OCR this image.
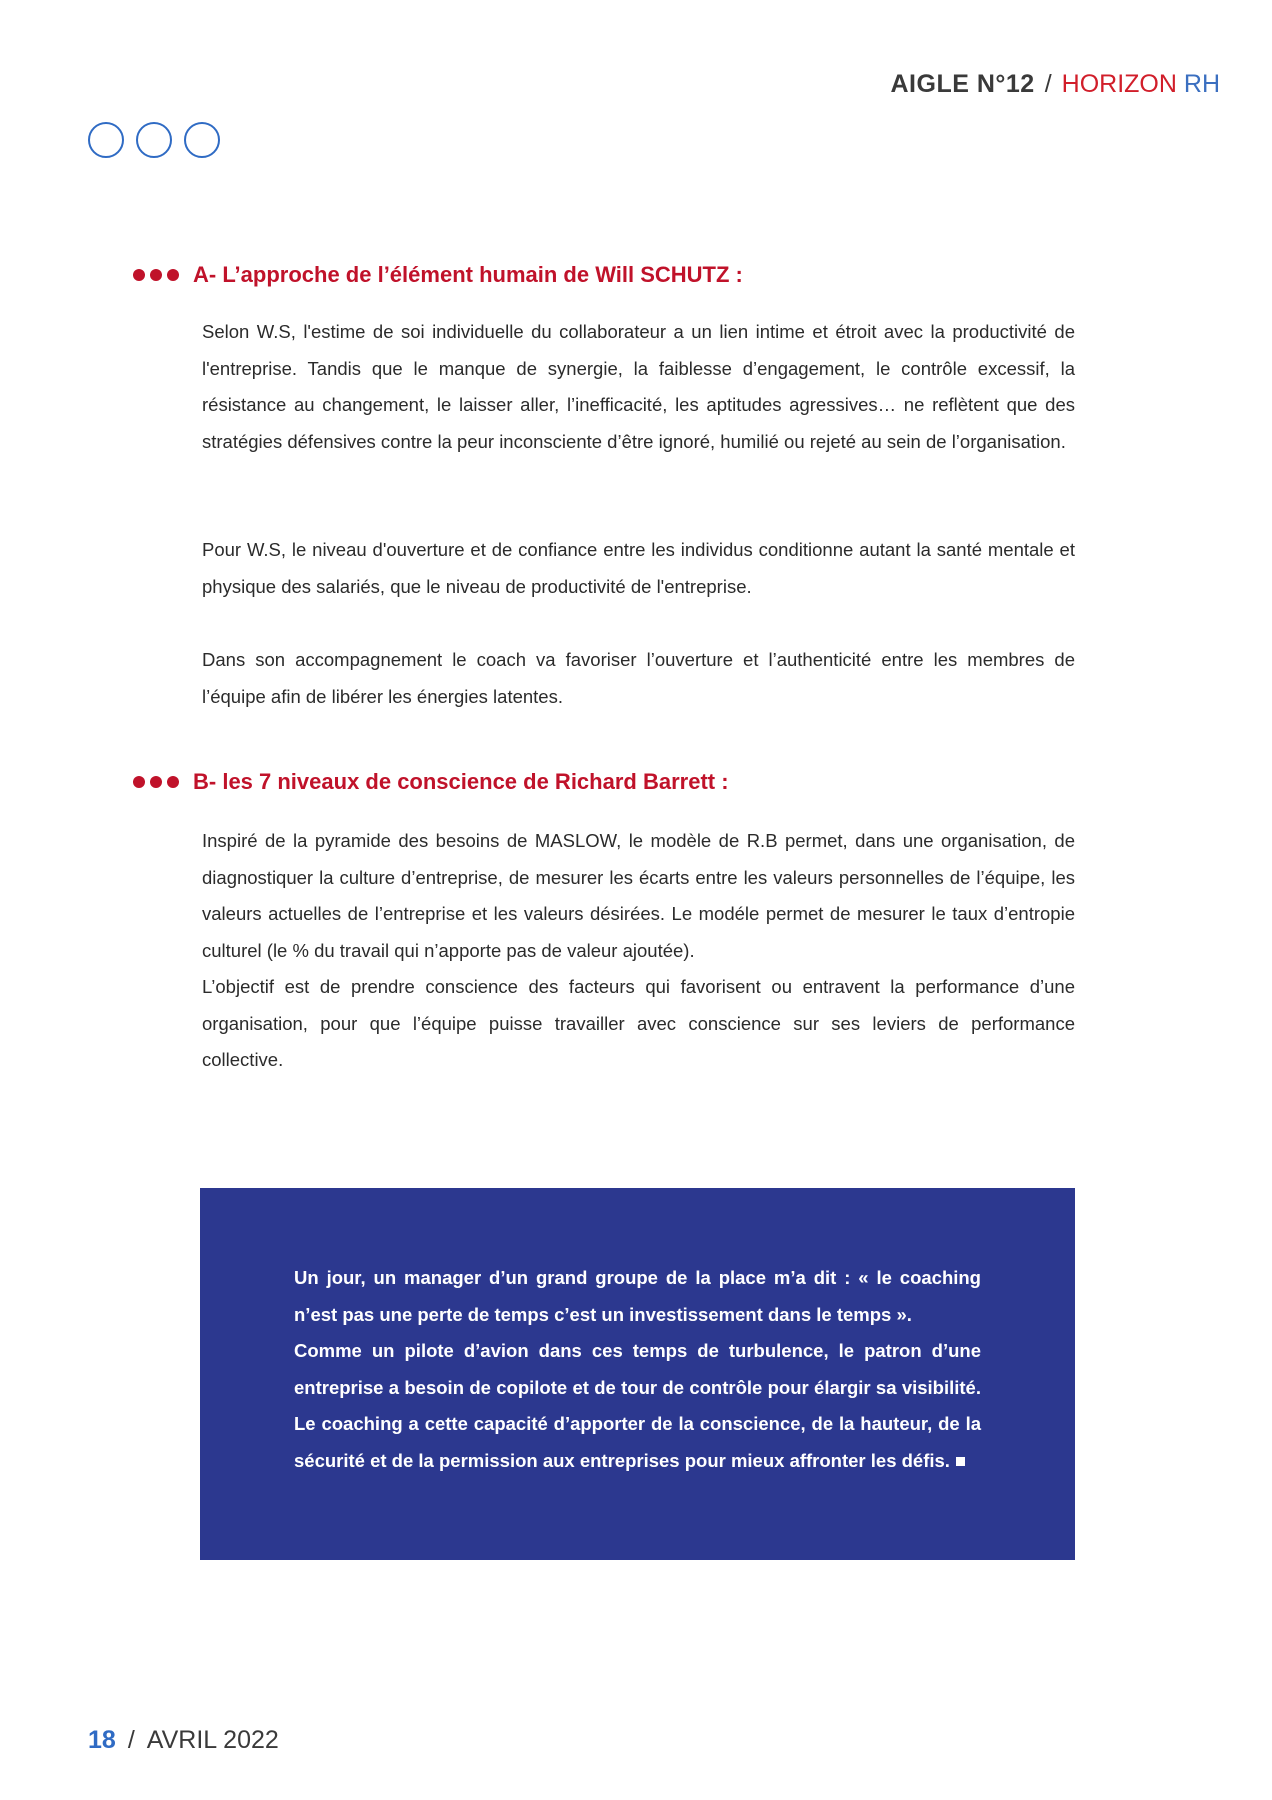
AIGLE N°12 / HORIZON RH
A- L’approche de l’élément humain de Will SCHUTZ :

Selon W.S, l'estime de soi individuelle du collaborateur a un lien intime et étroit avec la productivité de l'entreprise. Tandis que le manque de synergie, la faiblesse d’engagement, le contrôle excessif, la résistance au changement, le laisser aller, l’inefficacité, les aptitudes agressives… ne reflètent que des stratégies défensives contre la peur inconsciente d’être ignoré, humilié ou rejeté au sein de l’organisation.

Pour W.S, le niveau d'ouverture et de confiance entre les individus conditionne autant la santé mentale et physique des salariés, que le niveau de productivité de l'entreprise.

Dans son accompagnement le coach va favoriser l’ouverture et l’authenticité entre les membres de l’équipe afin de libérer les énergies latentes.

B- les 7 niveaux de conscience de Richard Barrett :

Inspiré de la pyramide des besoins de MASLOW, le modèle de R.B permet, dans une organisation, de diagnostiquer la culture d’entreprise, de mesurer les écarts entre les valeurs personnelles de l’équipe, les valeurs actuelles de l’entreprise et les valeurs désirées. Le modéle permet de mesurer le taux d’entropie culturel (le % du travail qui n’apporte pas de valeur ajoutée).

L’objectif est de prendre conscience des facteurs qui favorisent ou entravent la performance d’une organisation, pour que l’équipe puisse travailler avec conscience sur ses leviers de performance collective.

Un jour, un manager d’un grand groupe de la place m’a dit : « le coaching n’est pas une perte de temps c’est un investissement dans le temps ».

Comme un pilote d’avion dans ces temps de turbulence, le patron d’une entreprise a besoin de copilote et de tour de contrôle pour élargir sa visibilité. Le coaching a cette capacité d’apporter de la conscience, de la hauteur, de la sécurité et de la permission aux entreprises pour mieux affronter les défis.

18 / AVRIL 2022
